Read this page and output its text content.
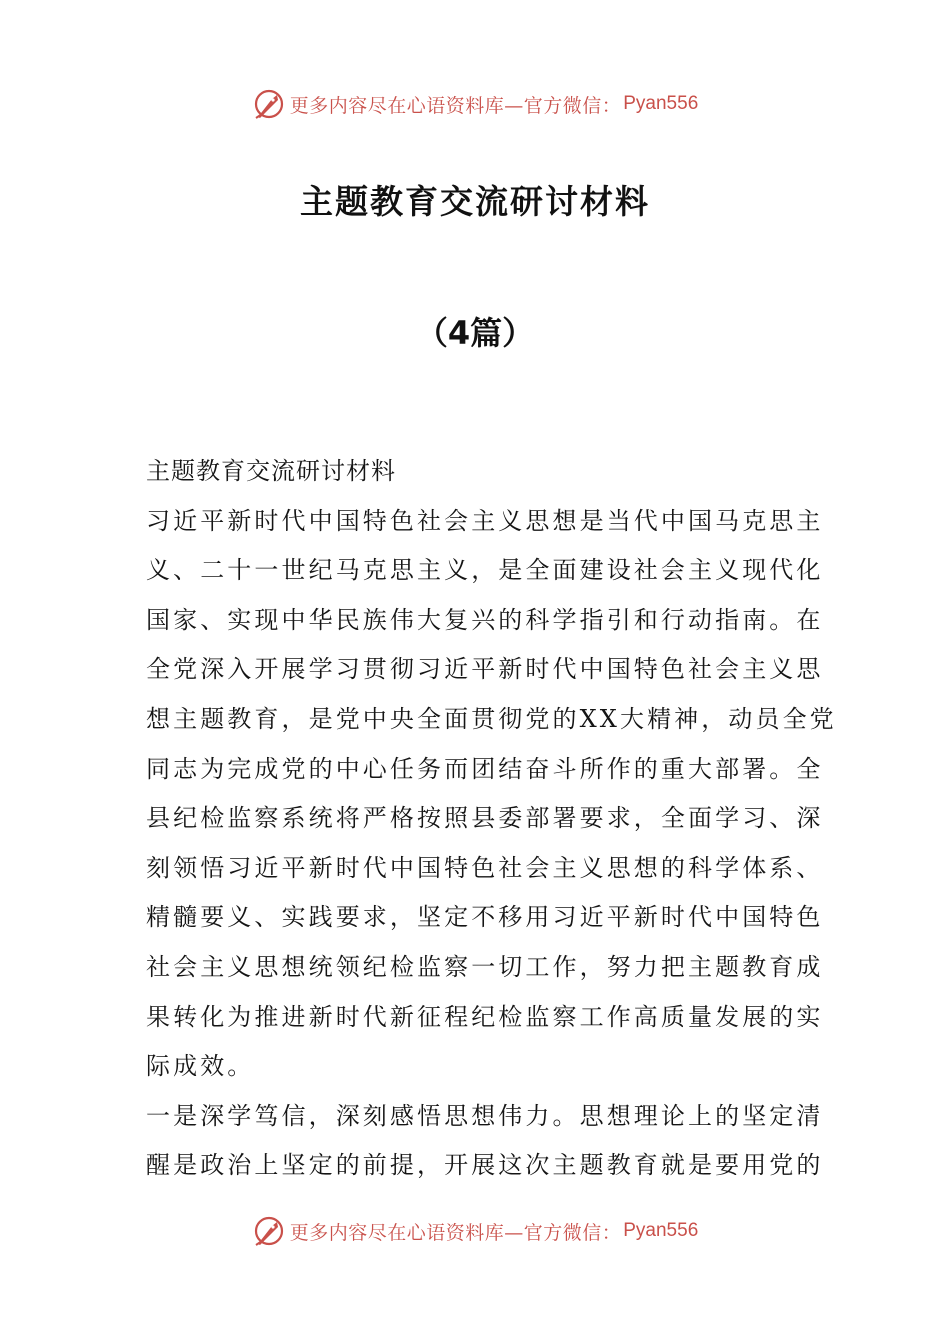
更多内容尽在心语资料库—官方微信： Pyan556
主题教育交流研讨材料
（4篇）
主题教育交流研讨材料
习近平新时代中国特色社会主义思想是当代中国马克思主
义、二十一世纪马克思主义，是全面建设社会主义现代化
国家、实现中华民族伟大复兴的科学指引和行动指南。在
全党深入开展学习贯彻习近平新时代中国特色社会主义思
想主题教育，是党中央全面贯彻党的XX大精神，动员全党
同志为完成党的中心任务而团结奋斗所作的重大部署。全
县纪检监察系统将严格按照县委部署要求，全面学习、深
刻领悟习近平新时代中国特色社会主义思想的科学体系、
精髓要义、实践要求，坚定不移用习近平新时代中国特色
社会主义思想统领纪检监察一切工作，努力把主题教育成
果转化为推进新时代新征程纪检监察工作高质量发展的实
际成效。
一是深学笃信，深刻感悟思想伟力。思想理论上的坚定清
醒是政治上坚定的前提，开展这次主题教育就是要用党的
更多内容尽在心语资料库—官方微信： Pyan556
